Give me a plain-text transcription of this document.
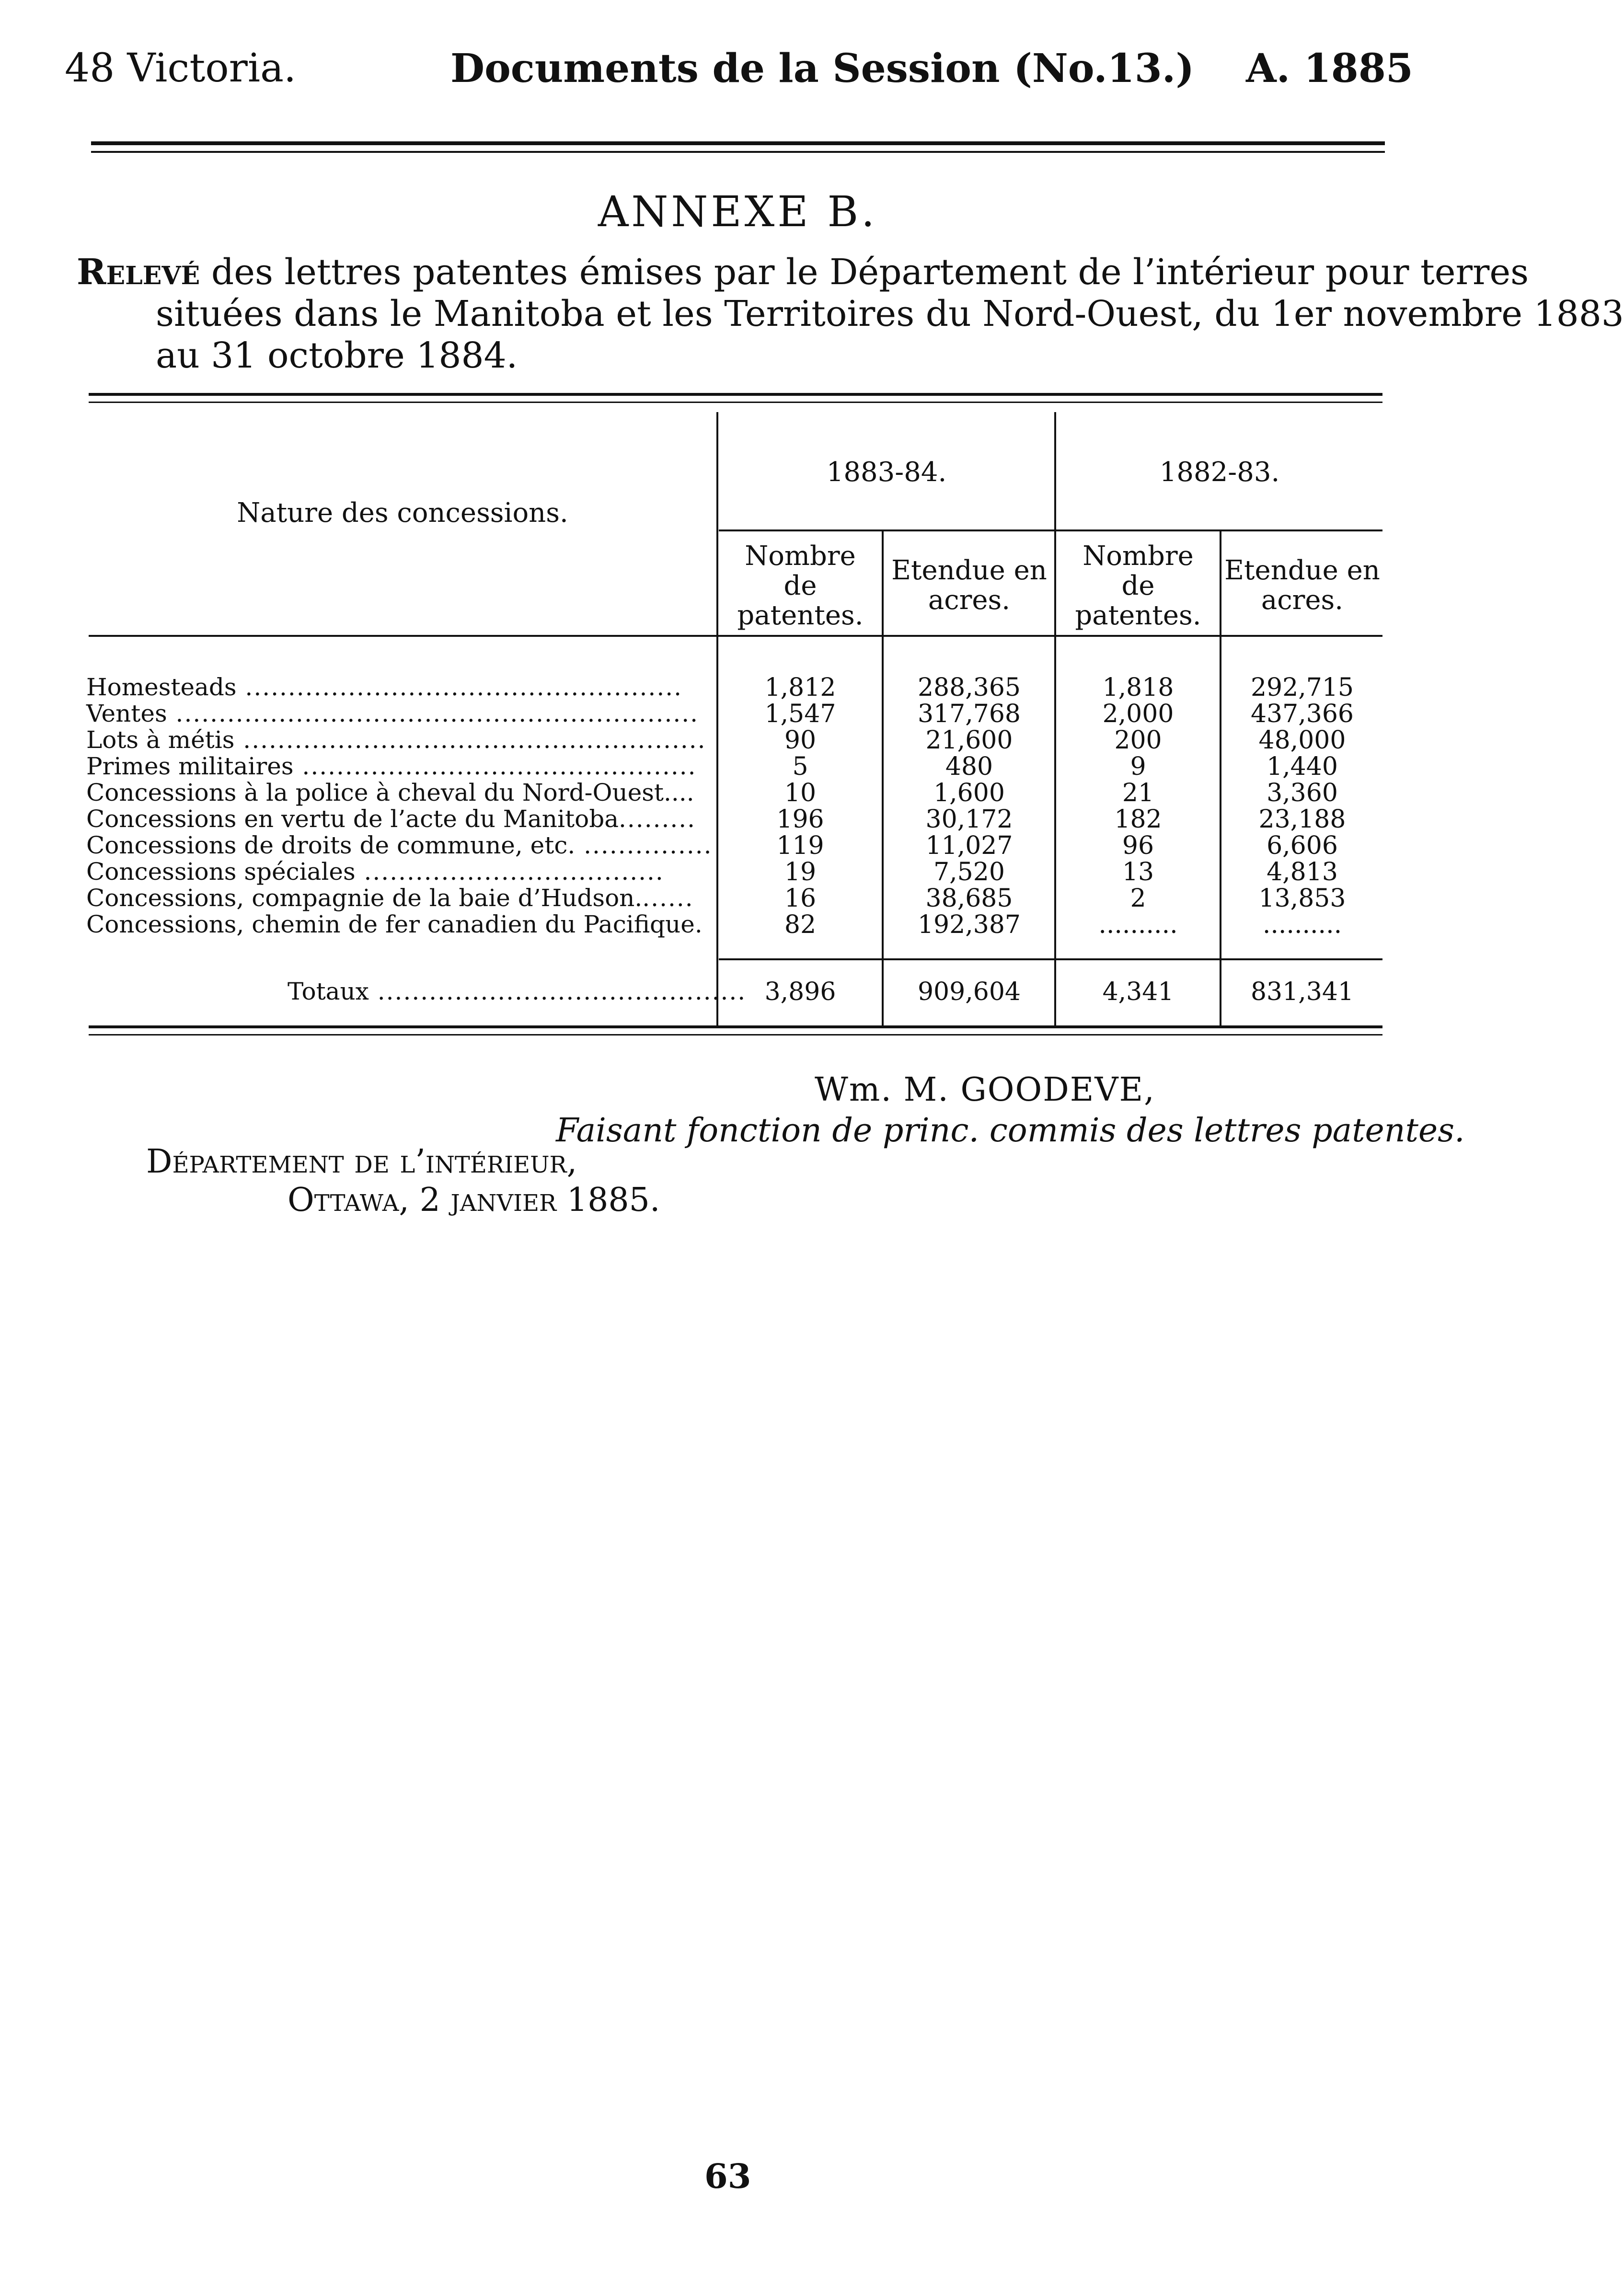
48 Victoria.	Documents de la Session (No.13.) A. 1885
ANNEXE B.
Relevé des lettres patentes émises par le Département de l’intérieur pour terres
situées dans le Manitoba et les Territoires du Nord-Ouest, du 1er novembre 1883
au 31 octobre 1884.
Nature des concessions.
1883-84.	1882-83.
Nombre
de
patentes.
Etendue en
acres.
Nombre
de
patentes.
Etendue en
acres.
Homesteads ...................................................	1,812	288,365	1,818	292,715
Ventes .............................................................	1,547	317,768	2,000	437,366
Lots à métis ......................................................	90	21,600	200	48,000
Primes militaires ..............................................	5	480	9	1,440
Concessions à la police à cheval du Nord-Ouest....	10	1,600	21	3,360
Concessions en vertu de l’acte du Manitoba.........	196	30,172	182	23,188
Concessions de droits de commune, etc. ...............	119	11,027	96	6,606
Concessions spéciales ...................................	19	7,520	13	4,813
Concessions, compagnie de la baie d’Hudson.......	16	38,685	2	13,853
Concessions, chemin de fer canadien du Pacifique.	82	192,387	..........	..........
Totaux ........................................... 3,896	909,604	4,341	831,341
Wm. M. GOODEVE,
Faisant fonction de princ. commis des lettres patentes.
Département de l’intérieur,
Ottawa, 2 janvier 1885.
63
